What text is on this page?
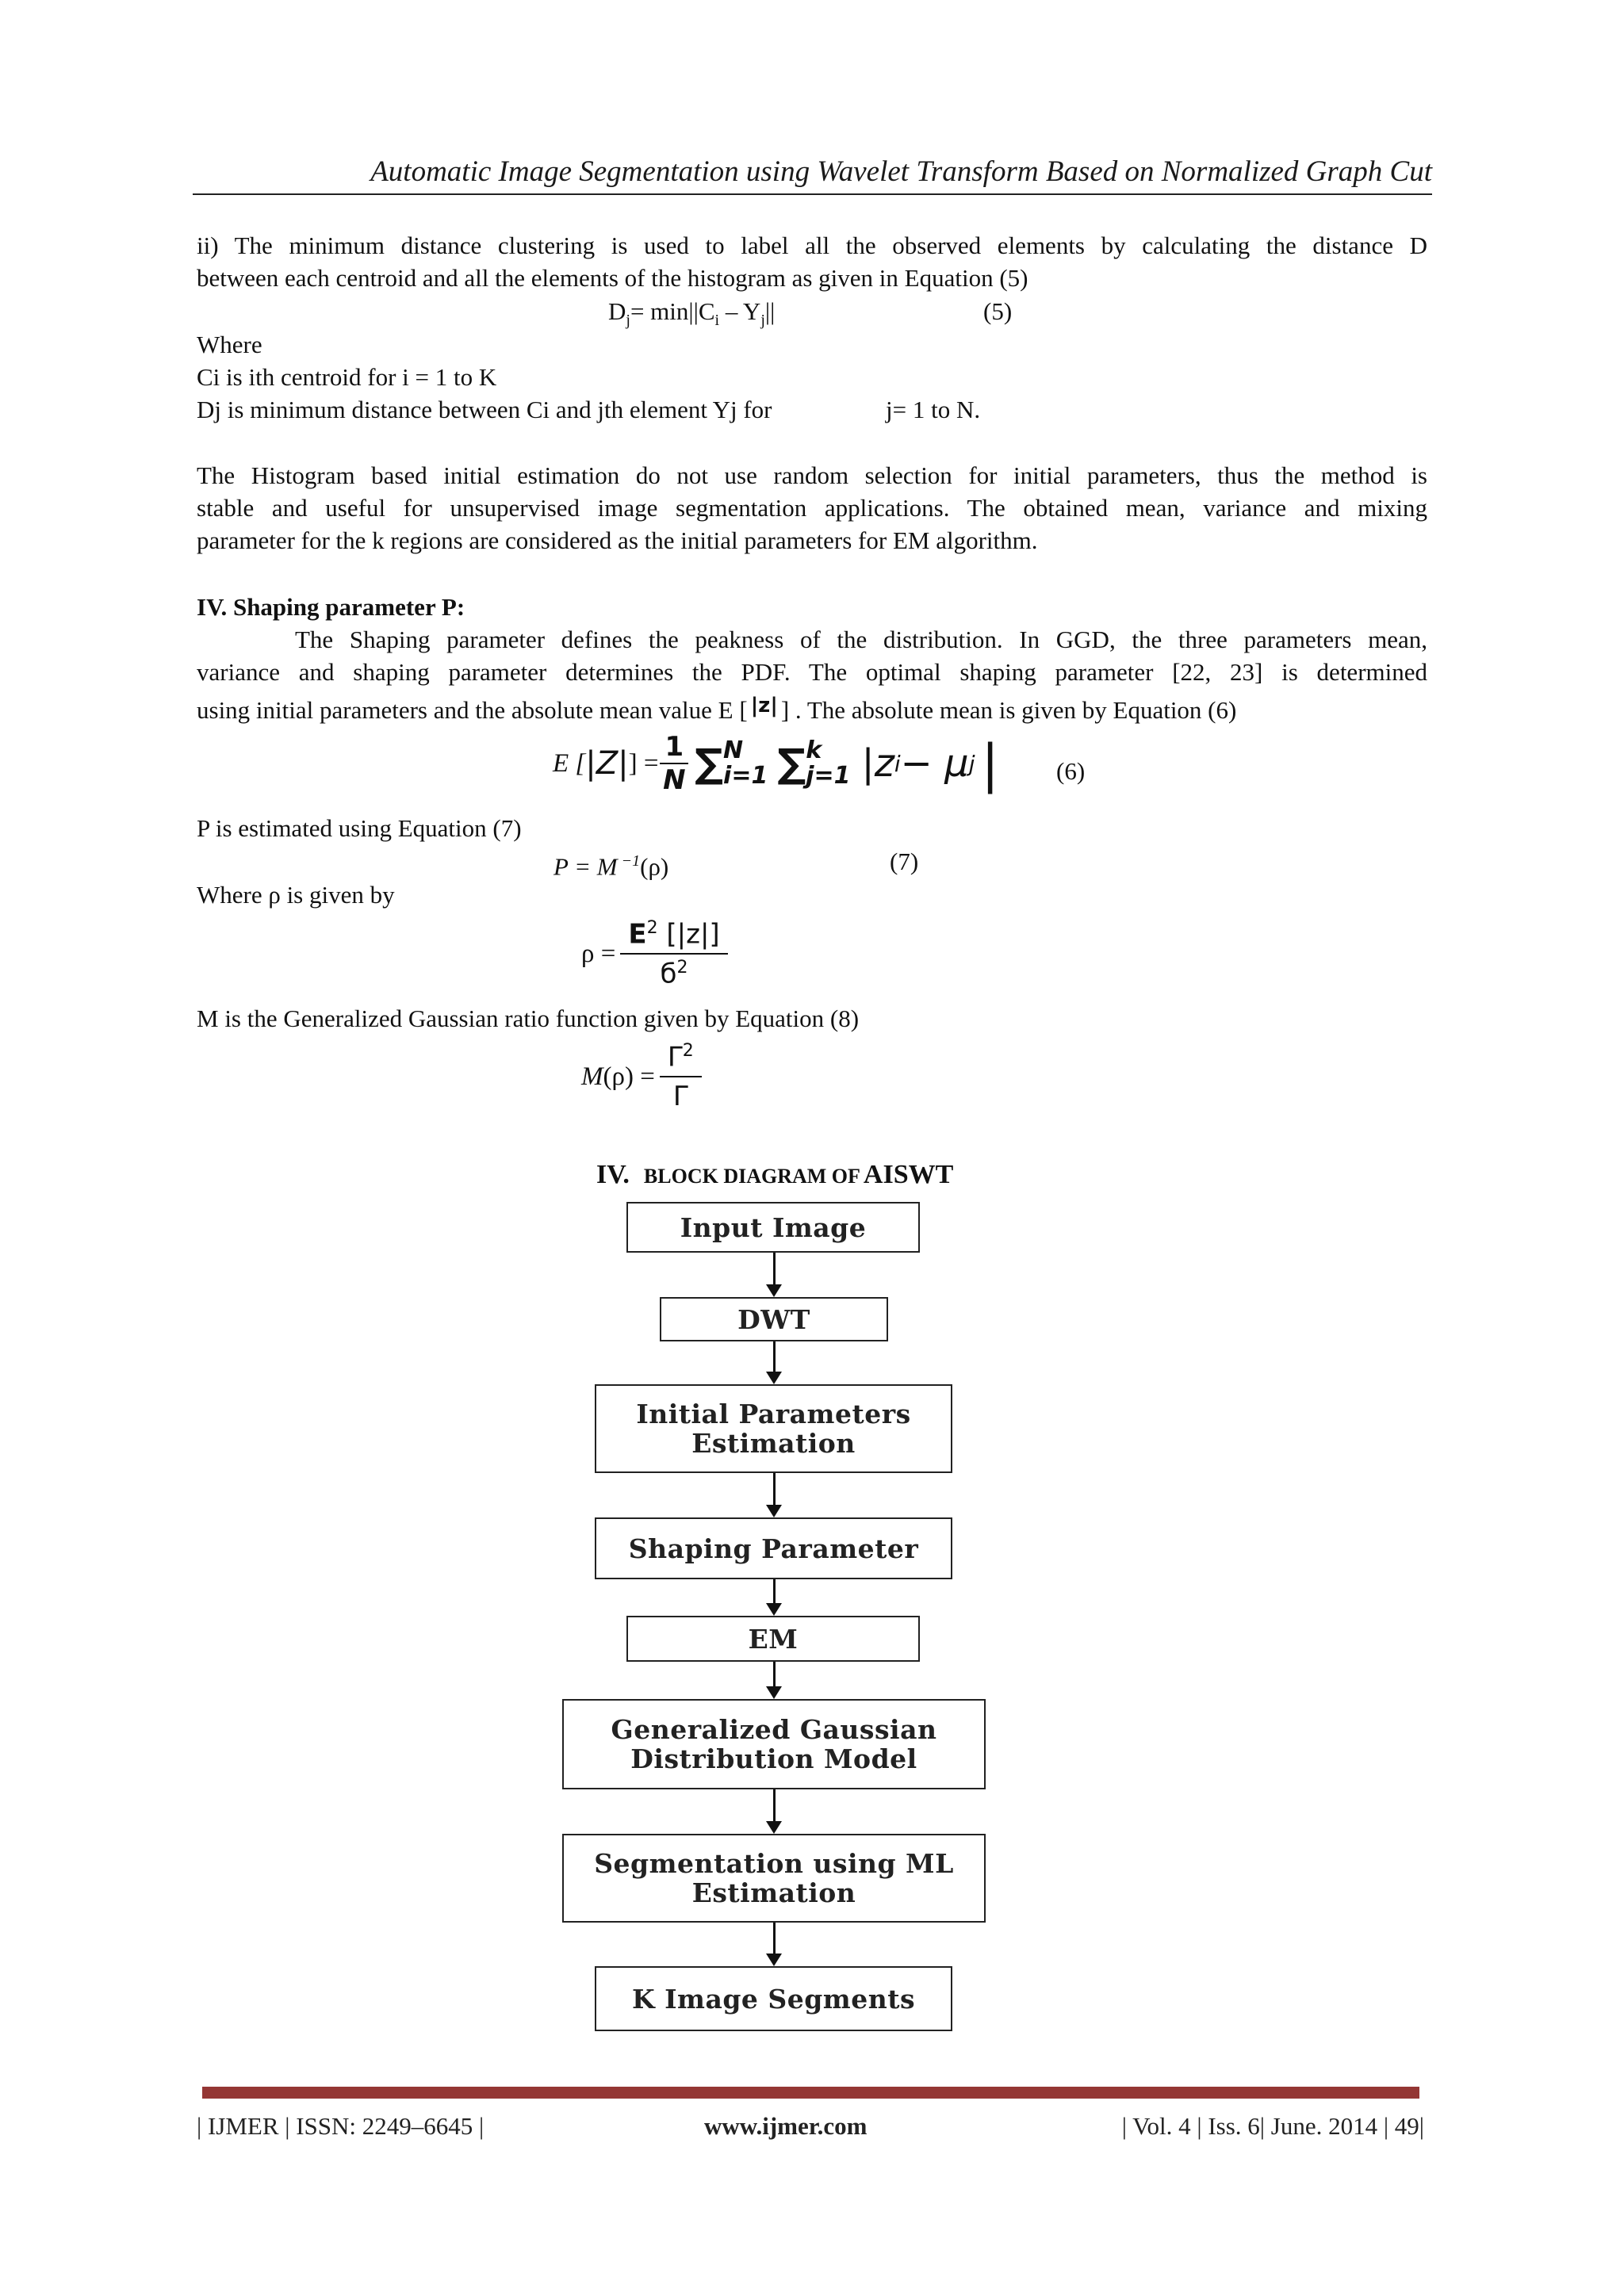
Automatic Image Segmentation using Wavelet Transform Based on Normalized Graph Cut
ii) The minimum distance clustering is used to label all the observed elements by calculating the distance D
between each centroid and all the elements of the histogram as given in Equation (5)
$D_j= \min||C_i - Y_j||$	(5)
Where
Ci is ith centroid for i = 1 to K
Dj is minimum distance between Ci and jth element Yj for	j= 1 to N.
The Histogram based initial estimation do not use random selection for initial parameters, thus the method is
stable and useful for unsupervised image segmentation applications. The obtained mean, variance and mixing
parameter for the k regions are considered as the initial parameters for EM algorithm.
IV. Shaping parameter P:
The Shaping parameter defines the peakness of the distribution. In GGD, the three parameters mean,
variance and shaping parameter determines the PDF. The optimal shaping parameter [22, 23] is determined
using initial parameters and the absolute mean value E [ $^{|z|}$ ] . The absolute mean is given by Equation (6)
E [ |Z| ] = $\frac{1}{N}$ ∑ N
i=1 ∑ k
j=1 |z i − μ j | (6)
P is estimated using Equation (7)
P = M $^{-1}$(ρ)	(7)
Where ρ is given by
$\rho = \frac{E^2 [|z|]}{б^2}$
M is the Generalized Gaussian ratio function given by Equation (8)
M $(\rho) = \frac{\Gamma^2}{\Gamma}$
IV. BLOCK DIAGRAM OF AISWT
Input Image
DWT
Initial Parameters
Estimation
Shaping Parameter
EM
Generalized Gaussian
Distribution Model
Segmentation using ML
Estimation
K Image Segments
| IJMER | ISSN: 2249–6645 |	www.ijmer.com	| Vol. 4 | Iss. 6| June. 2014 | 49|
